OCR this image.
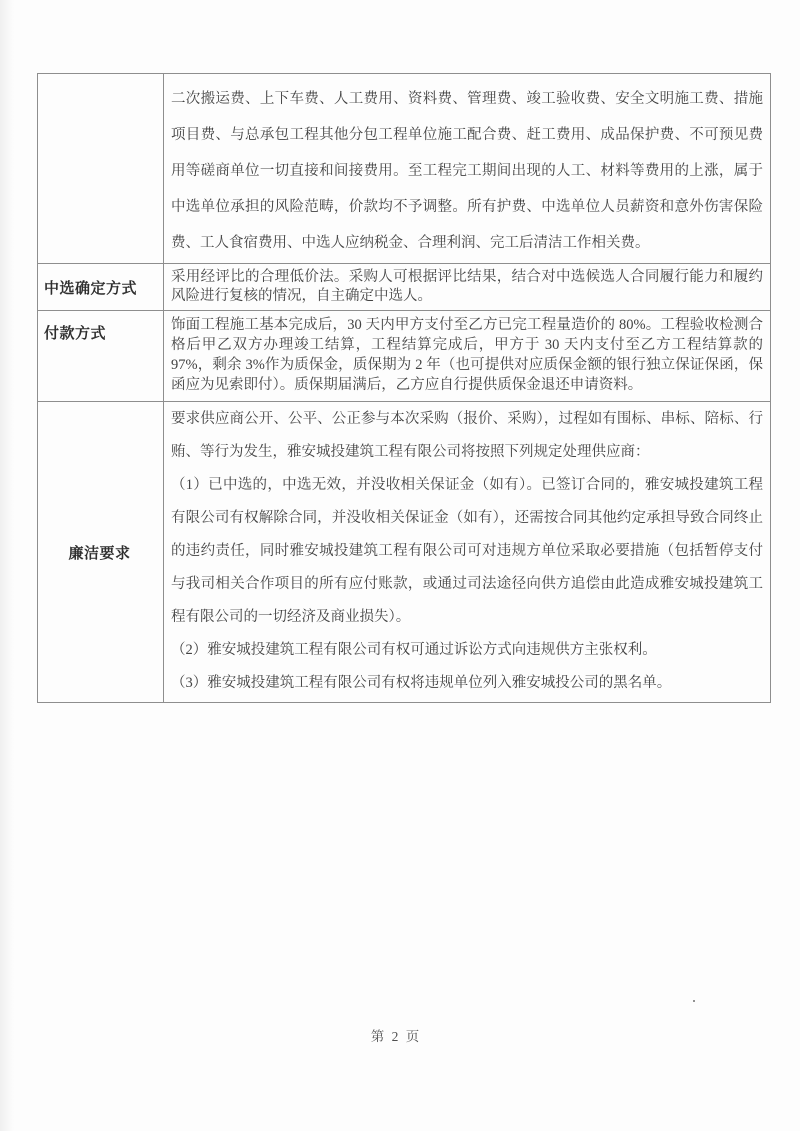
	二次搬运费、上下车费、人工费用、资料费、管理费、竣工验收费、安全文明施工费、措施项目费、与总承包工程其他分包工程单位施工配合费、赶工费用、成品保护费、不可预见费用等磋商单位一切直接和间接费用。至工程完工期间出现的人工、材料等费用的上涨，属于中选单位承担的风险范畴，价款均不予调整。所有护费、中选单位人员薪资和意外伤害保险费、工人食宿费用、中选人应纳税金、合理利润、完工后清洁工作相关费。
中选确定方式	采用经评比的合理低价法。采购人可根据评比结果，结合对中选候选人合同履行能力和履约风险进行复核的情况，自主确定中选人。
付款方式	饰面工程施工基本完成后，30 天内甲方支付至乙方已完工程量造价的 80%。工程验收检测合格后甲乙双方办理竣工结算，工程结算完成后，甲方于 30 天内支付至乙方工程结算款的 97%，剩余 3%作为质保金，质保期为 2 年（也可提供对应质保金额的银行独立保证保函，保函应为见索即付）。质保期届满后，乙方应自行提供质保金退还申请资料。
廉洁要求	要求供应商公开、公平、公正参与本次采购（报价、采购），过程如有围标、串标、陪标、行贿、等行为发生，雅安城投建筑工程有限公司将按照下列规定处理供应商：

（1）已中选的，中选无效，并没收相关保证金（如有）。已签订合同的，雅安城投建筑工程有限公司有权解除合同，并没收相关保证金（如有），还需按合同其他约定承担导致合同终止的违约责任，同时雅安城投建筑工程有限公司可对违规方单位采取必要措施（包括暂停支付与我司相关合作项目的所有应付账款，或通过司法途径向供方追偿由此造成雅安城投建筑工程有限公司的一切经济及商业损失）。

（2）雅安城投建筑工程有限公司有权可通过诉讼方式向违规供方主张权利。

（3）雅安城投建筑工程有限公司有权将违规单位列入雅安城投公司的黑名单。

第 2 页
